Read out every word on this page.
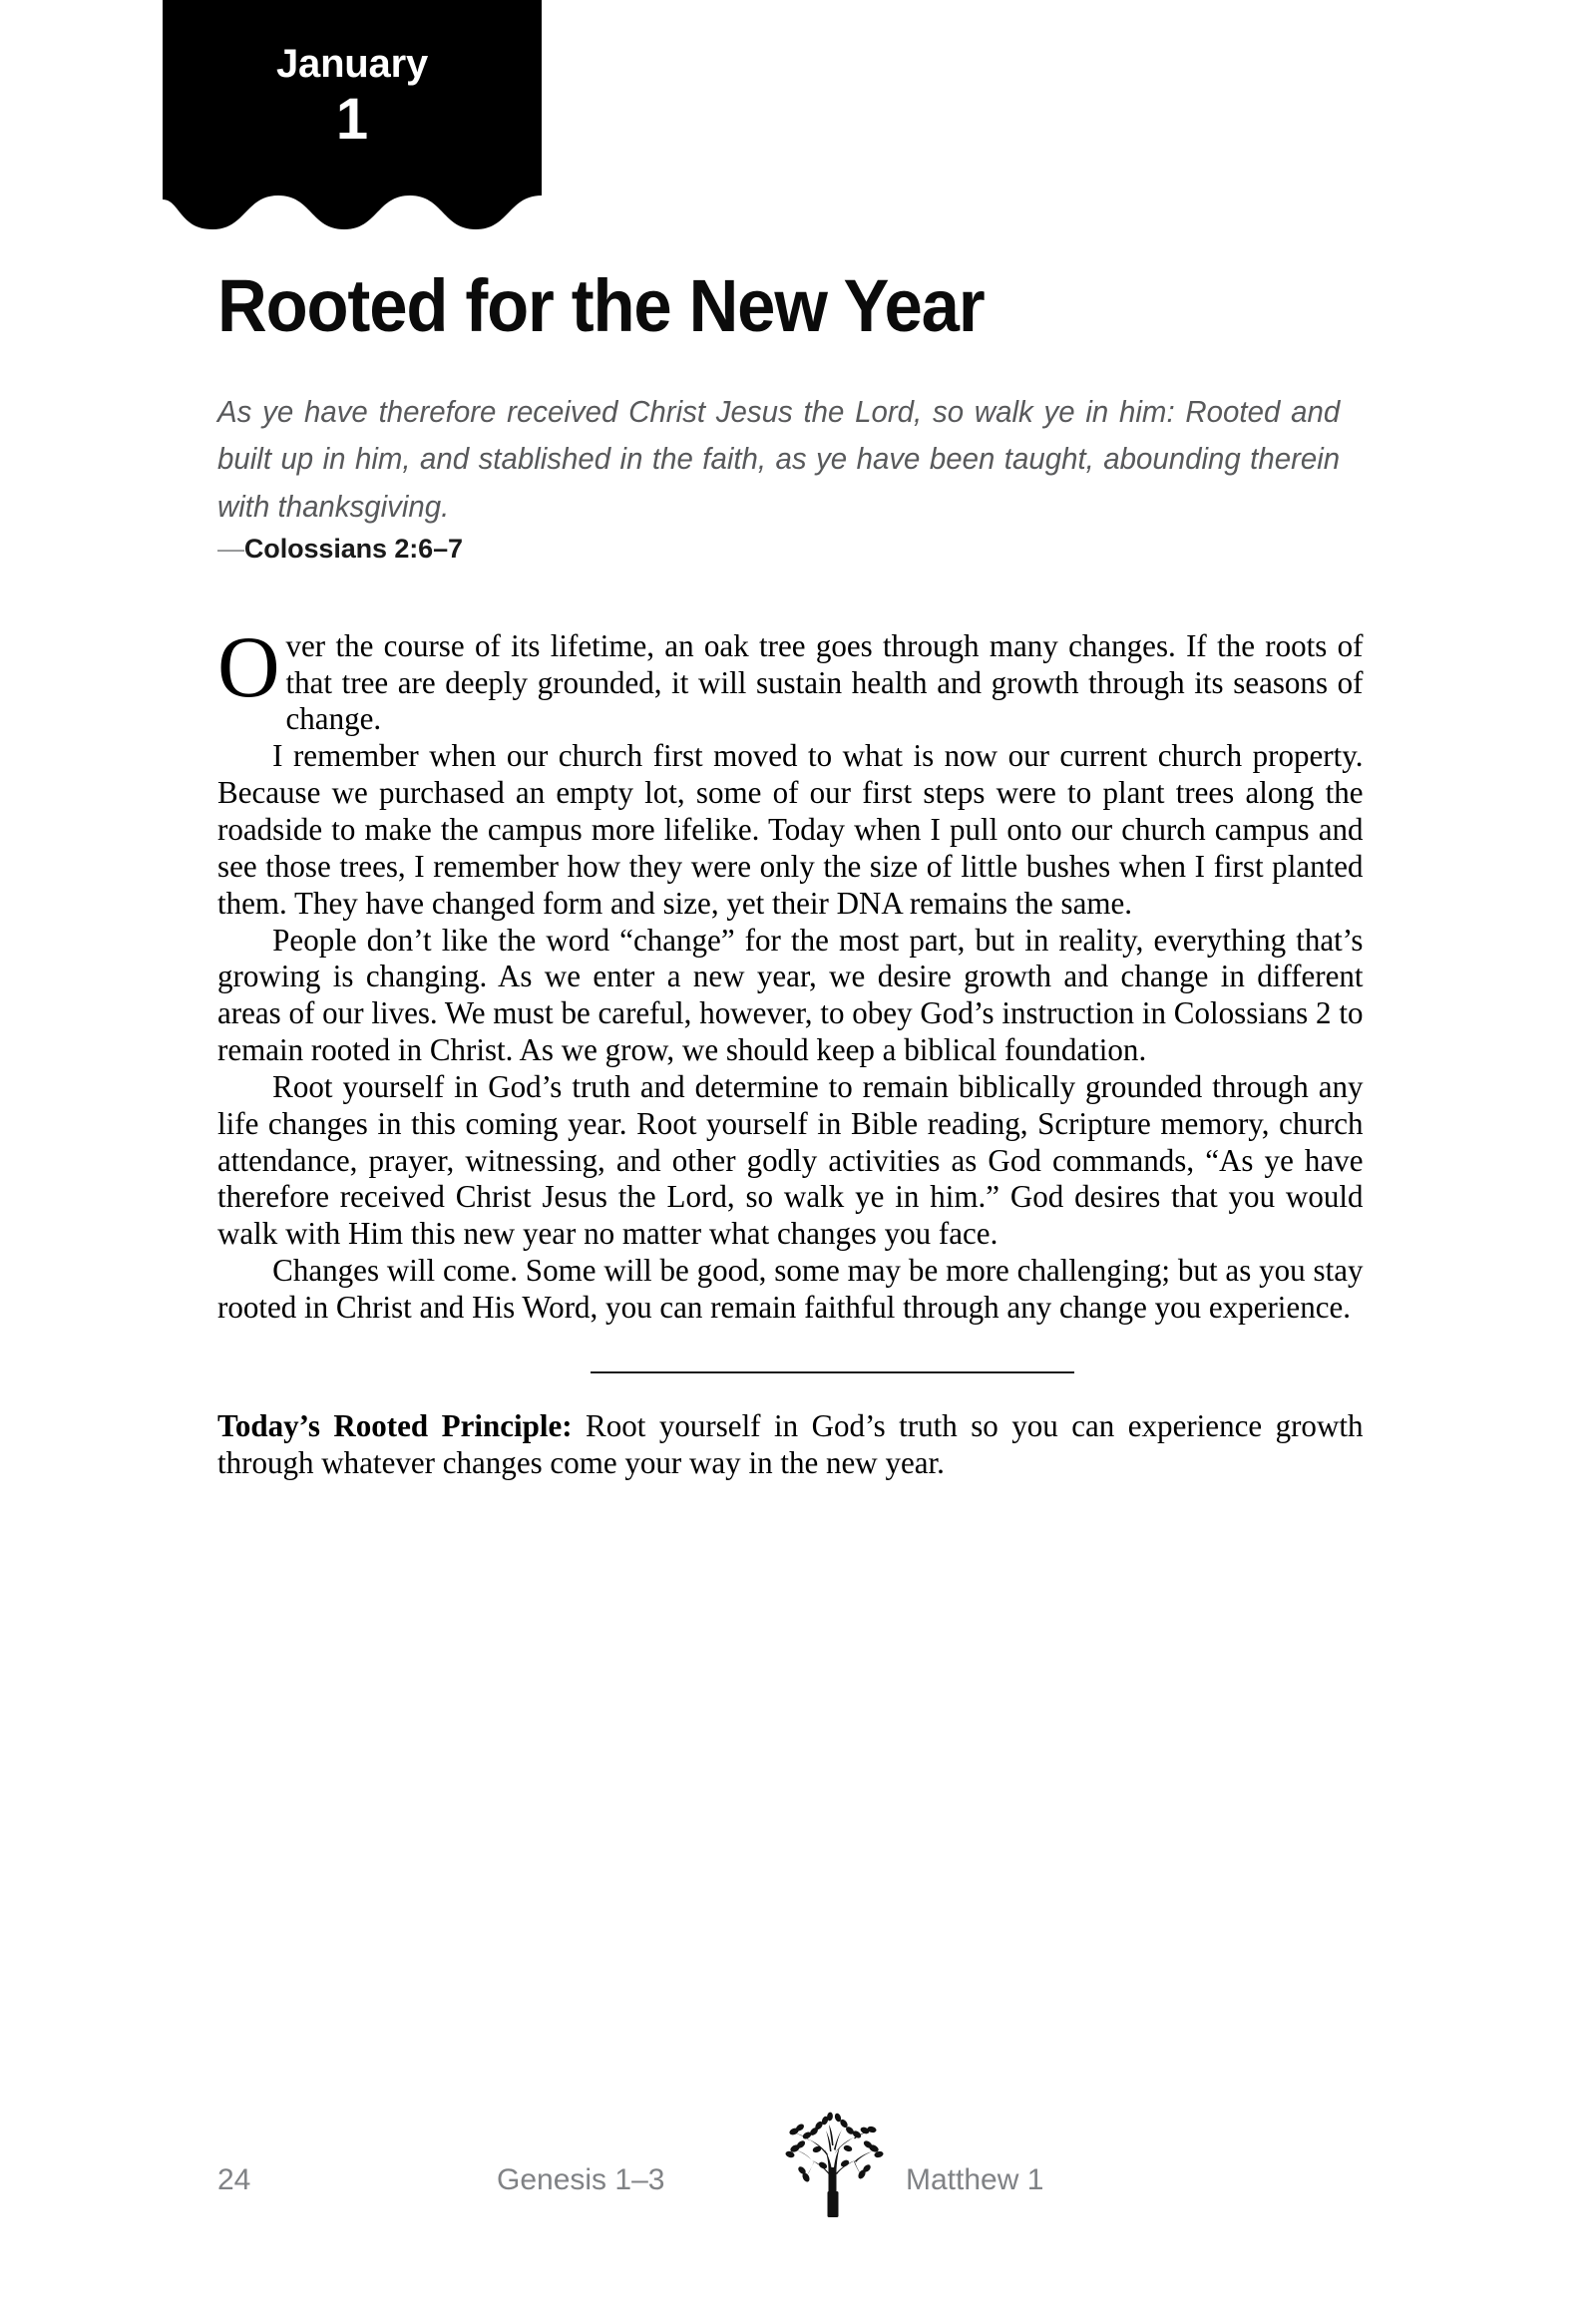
January
1
Rooted for the New Year

As ye have therefore received Christ Jesus the Lord, so walk ye in him: Rooted and built up in him, and stablished in the faith, as ye have been taught, abounding therein with thanksgiving.

—Colossians 2:6–7

Over the course of its lifetime, an oak tree goes through many changes. If the roots of that tree are deeply grounded, it will sustain health and growth through its seasons of change.

I remember when our church first moved to what is now our current church property. Because we purchased an empty lot, some of our first steps were to plant trees along the roadside to make the campus more lifelike. Today when I pull onto our church campus and see those trees, I remember how they were only the size of little bushes when I first planted them. They have changed form and size, yet their DNA remains the same.

People don’t like the word “change” for the most part, but in reality, everything that’s growing is changing. As we enter a new year, we desire growth and change in different areas of our lives. We must be careful, however, to obey God’s instruction in Colossians 2 to remain rooted in Christ. As we grow, we should keep a biblical foundation.

Root yourself in God’s truth and determine to remain biblically grounded through any life changes in this coming year. Root yourself in Bible reading, Scripture memory, church attendance, prayer, witnessing, and other godly activities as God commands, “As ye have therefore received Christ Jesus the Lord, so walk ye in him.” God desires that you would walk with Him this new year no matter what changes you face.

Changes will come. Some will be good, some may be more challenging; but as you stay rooted in Christ and His Word, you can remain faithful through any change you experience.

Today’s Rooted Principle: Root yourself in God’s truth so you can experience growth through whatever changes come your way in the new year.

24	Genesis 1–3	Matthew 1
